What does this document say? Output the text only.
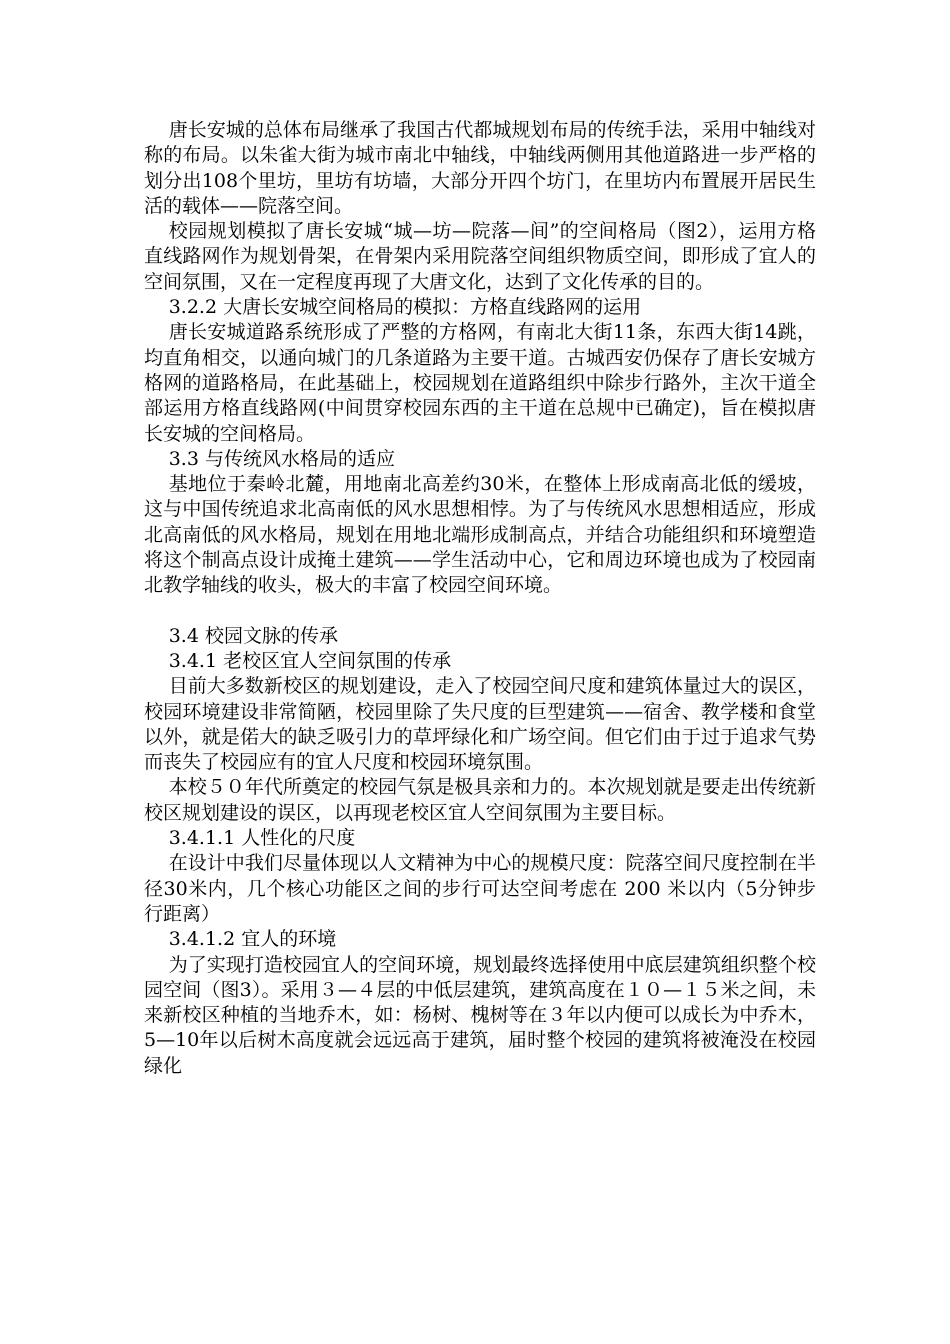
唐长安城的总体布局继承了我国古代都城规划布局的传统手法，采用中轴线对称的布局。以朱雀大街为城市南北中轴线，中轴线两侧用其他道路进一步严格的划分出108个里坊，里坊有坊墙，大部分开四个坊门，在里坊内布置展开居民生活的载体——院落空间。

校园规划模拟了唐长安城“城—坊—院落—间”的空间格局（图2），运用方格直线路网作为规划骨架，在骨架内采用院落空间组织物质空间，即形成了宜人的空间氛围，又在一定程度再现了大唐文化，达到了文化传承的目的。

3.2.2 大唐长安城空间格局的模拟：方格直线路网的运用

唐长安城道路系统形成了严整的方格网，有南北大街11条，东西大街14跳，均直角相交，以通向城门的几条道路为主要干道。古城西安仍保存了唐长安城方格网的道路格局，在此基础上，校园规划在道路组织中除步行路外，主次干道全部运用方格直线路网(中间贯穿校园东西的主干道在总规中已确定)，旨在模拟唐长安城的空间格局。

3.3 与传统风水格局的适应

基地位于秦岭北麓，用地南北高差约30米，在整体上形成南高北低的缓坡，这与中国传统追求北高南低的风水思想相悖。为了与传统风水思想相适应，形成北高南低的风水格局，规划在用地北端形成制高点，并结合功能组织和环境塑造将这个制高点设计成掩土建筑——学生活动中心，它和周边环境也成为了校园南北教学轴线的收头，极大的丰富了校园空间环境。

3.4 校园文脉的传承

3.4.1 老校区宜人空间氛围的传承

目前大多数新校区的规划建设，走入了校园空间尺度和建筑体量过大的误区，校园环境建设非常简陋，校园里除了失尺度的巨型建筑——宿舍、教学楼和食堂以外，就是偌大的缺乏吸引力的草坪绿化和广场空间。但它们由于过于追求气势而丧失了校园应有的宜人尺度和校园环境氛围。

本校５０年代所奠定的校园气氛是极具亲和力的。本次规划就是要走出传统新校区规划建设的误区，以再现老校区宜人空间氛围为主要目标。

3.4.1.1 人性化的尺度

在设计中我们尽量体现以人文精神为中心的规模尺度：院落空间尺度控制在半径30米内，几个核心功能区之间的步行可达空间考虑在 200 米以内（5分钟步行距离）

3.4.1.2 宜人的环境

为了实现打造校园宜人的空间环境，规划最终选择使用中底层建筑组织整个校园空间（图3）。采用３—４层的中低层建筑，建筑高度在１０—１５米之间，未来新校区种植的当地乔木，如：杨树、槐树等在３年以内便可以成长为中乔木，5—10年以后树木高度就会远远高于建筑，届时整个校园的建筑将被淹没在校园绿化
